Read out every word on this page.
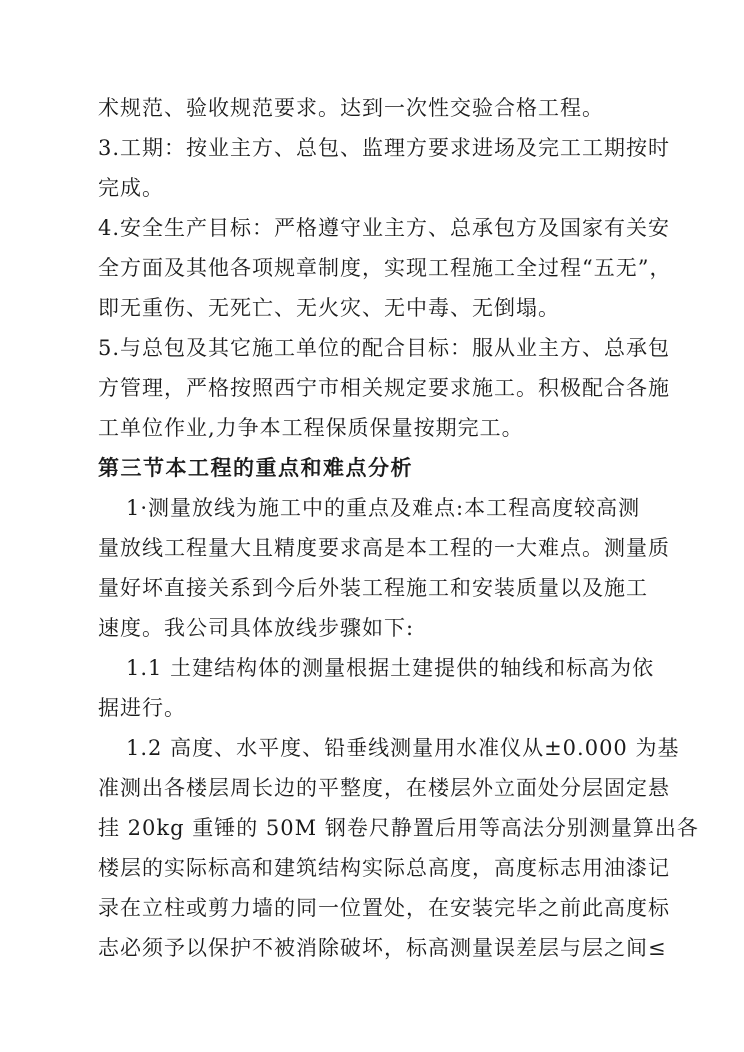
术规范、验收规范要求。达到一次性交验合格工程。
3.工期：按业主方、总包、监理方要求进场及完工工期按时
完成。
4.安全生产目标：严格遵守业主方、总承包方及国家有关安
全方面及其他各项规章制度，实现工程施工全过程“五无”，
即无重伤、无死亡、无火灾、无中毒、无倒塌。
5.与总包及其它施工单位的配合目标：服从业主方、总承包
方管理，严格按照西宁市相关规定要求施工。积极配合各施
工单位作业,力争本工程保质保量按期完工。
第三节本工程的重点和难点分析
1·测量放线为施工中的重点及难点:本工程高度较高测
量放线工程量大且精度要求高是本工程的一大难点。测量质
量好坏直接关系到今后外装工程施工和安装质量以及施工
速度。我公司具体放线步骤如下:
1.1 土建结构体的测量根据土建提供的轴线和标高为依
据进行。
1.2 高度、水平度、铅垂线测量用水准仪从±0.000 为基
准测出各楼层周长边的平整度，在楼层外立面处分层固定悬
挂 20kg 重锤的 50M 钢卷尺静置后用等高法分别测量算出各
楼层的实际标高和建筑结构实际总高度，高度标志用油漆记
录在立柱或剪力墙的同一位置处，在安装完毕之前此高度标
志必须予以保护不被消除破坏，标高测量误差层与层之间≤
